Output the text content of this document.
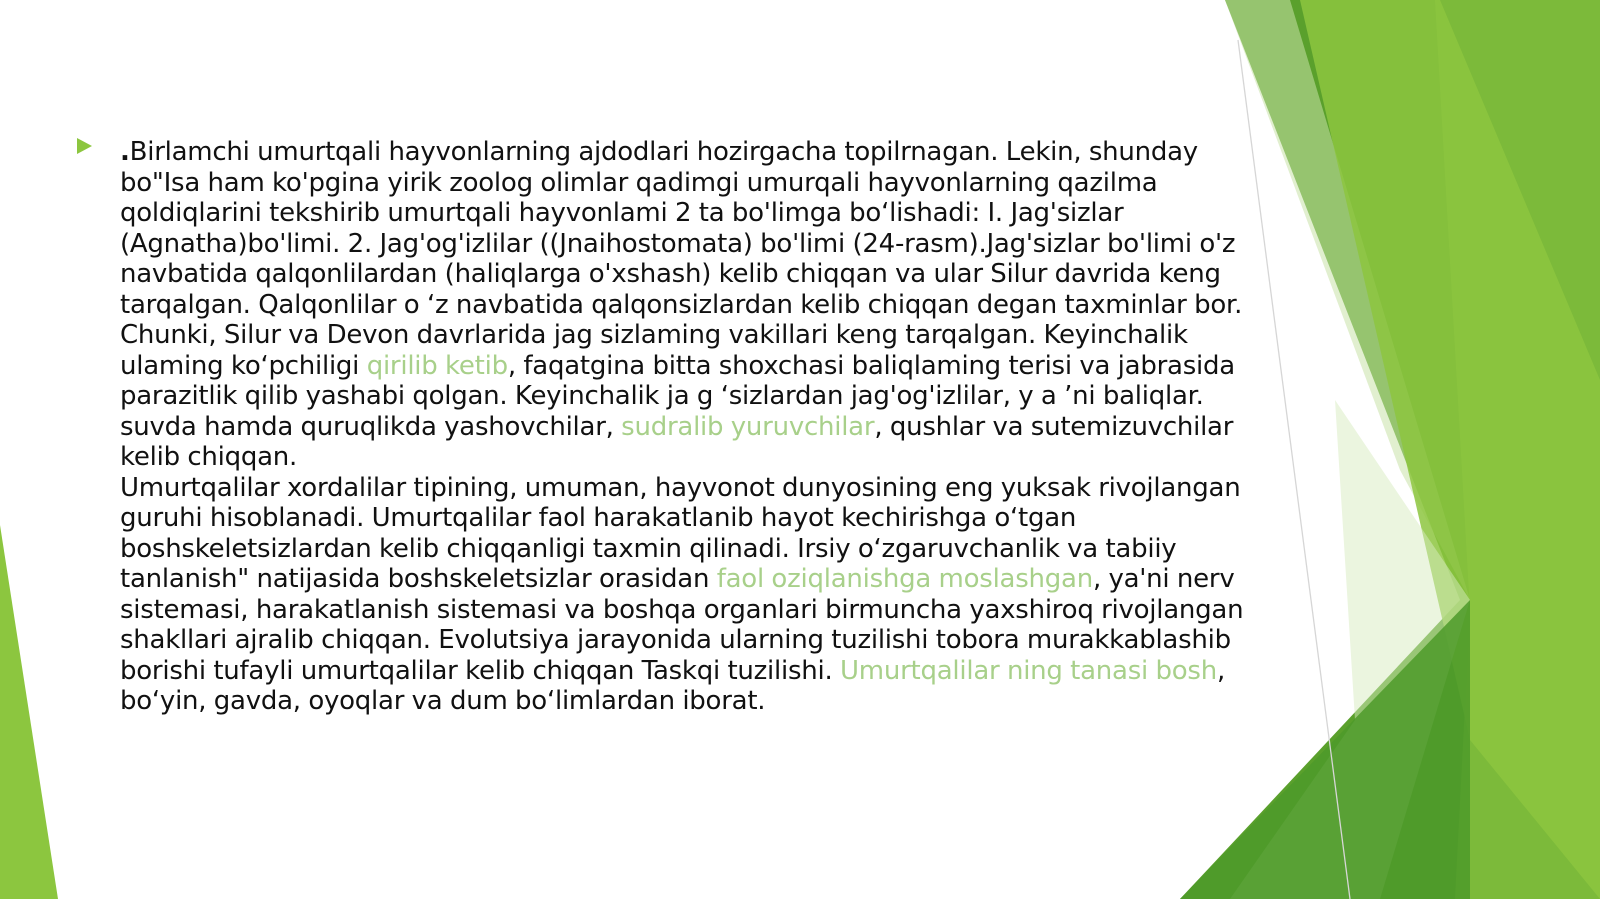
.Birlamchi umurtqali hayvonlarning ajdodlari hozirgacha topilrnagan. Lekin, shunday bo"Isa ham ko'pgina yirik zoolog olimlar qadimgi umurqali hayvonlarning qazilma qoldiqlarini tekshirib umurtqali hayvonlami 2 ta bo'limga bo‘lishadi: I. Jag'sizlar (Agnatha)bo'limi. 2. Jag'og'izlilar ((Jnaihostomata) bo'limi (24-rasm).Jag'sizlar bo'limi o'z navbatida qalqonlilardan (haliqlarga o'xshash) kelib chiqqan va ular Silur davrida keng tarqalgan. Qalqonlilar o ‘z navbatida qalqonsizlardan kelib chiqqan degan taxminlar bor. Chunki, Silur va Devon davrlarida jag sizlaming vakillari keng tarqalgan. Keyinchalik ulaming ko‘pchiligi qirilib ketib, faqatgina bitta shoxchasi baliqlaming terisi va jabrasida parazitlik qilib yashabi qolgan. Keyinchalik ja g ‘sizlardan jag'og'izlilar, y a ’ni baliqlar. suvda hamda quruqlikda yashovchilar, sudralib yuruvchilar, qushlar va sutemizuvchilar kelib chiqqan.

Umurtqalilar xordalilar tipining, umuman, hayvonot dunyosining eng yuksak rivojlangan guruhi hisoblanadi. Umurtqalilar faol harakatlanib hayot kechirishga o‘tgan boshskeletsizlardan kelib chiqqanligi taxmin qilinadi. Irsiy o‘zgaruvchanlik va tabiiy tanlanish" natijasida boshskeletsizlar orasidan faol oziqlanishga moslashgan, ya'ni nerv sistemasi, harakatlanish sistemasi va boshqa organlari birmuncha yaxshiroq rivojlangan shakllari ajralib chiqqan. Evolutsiya jarayonida ularning tuzilishi tobora murakkablashib borishi tufayli umurtqalilar kelib chiqqan Taskqi tuzilishi. Umurtqalilar ning tanasi bosh, bo‘yin, gavda, oyoqlar va dum bo‘limlardan iborat.
